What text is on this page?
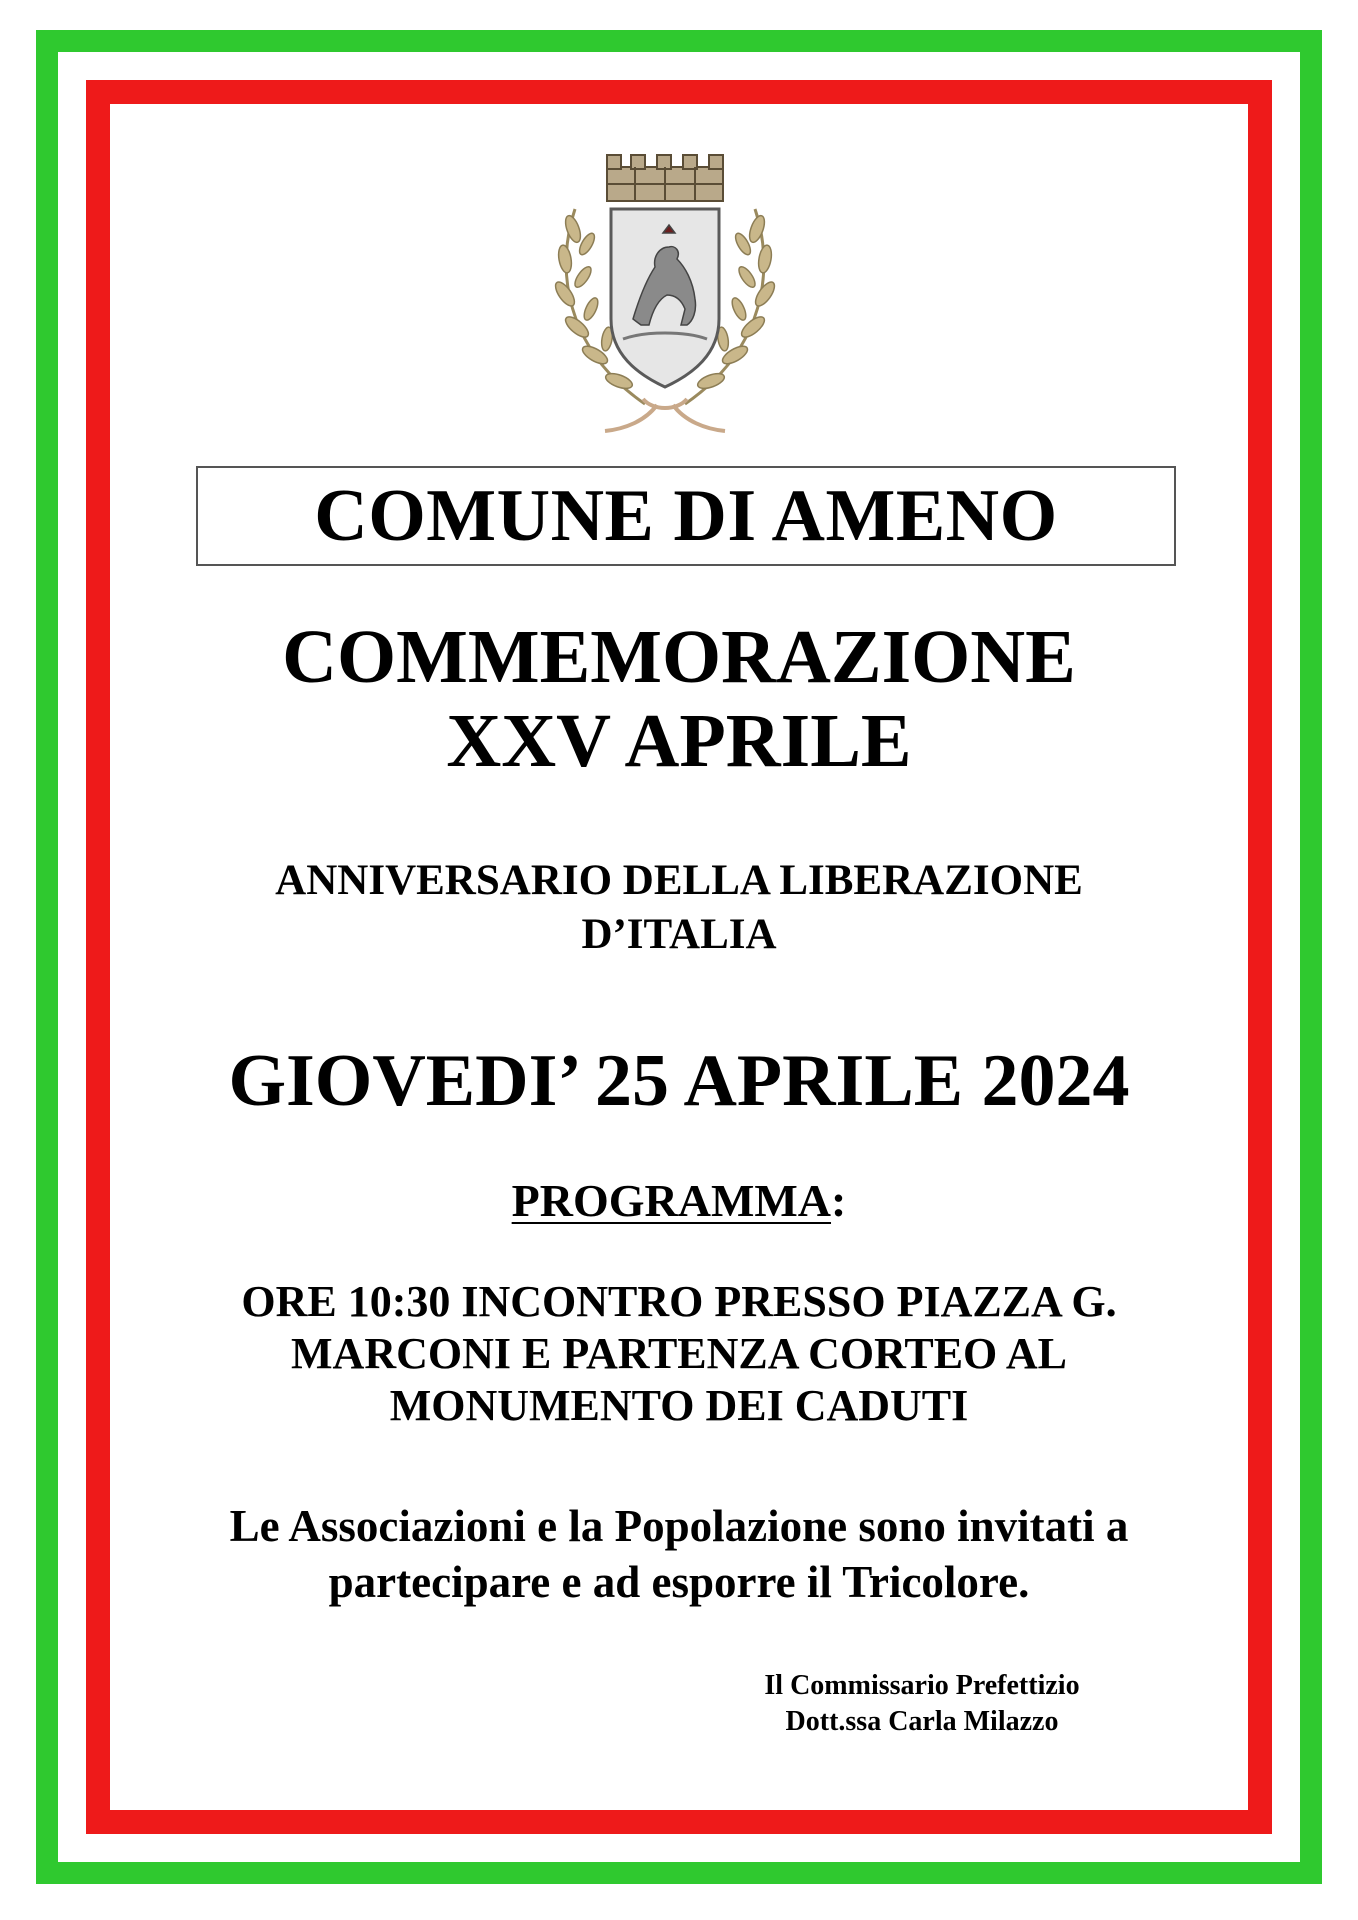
COMUNE DI AMENO
COMMEMORAZIONE
XXV APRILE
ANNIVERSARIO DELLA LIBERAZIONE
D’ITALIA
GIOVEDI’ 25 APRILE 2024
PROGRAMMA:
ORE 10:30 INCONTRO PRESSO PIAZZA G.
MARCONI E PARTENZA CORTEO AL
MONUMENTO DEI CADUTI
Le Associazioni e la Popolazione sono invitati a
partecipare e ad esporre il Tricolore.
Il Commissario Prefettizio
Dott.ssa Carla Milazzo
